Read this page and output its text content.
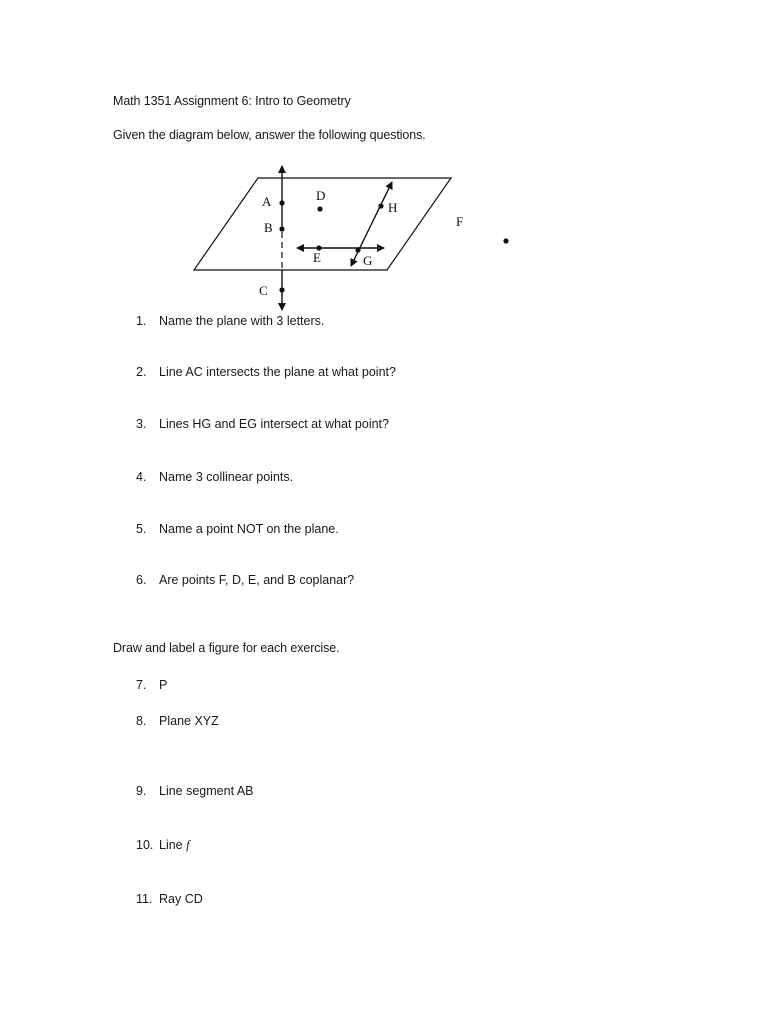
Math 1351 Assignment 6: Intro to Geometry
Given the diagram below, answer the following questions.
A
B
C
D
E
F
G
H
1.	Name the plane with 3 letters.
2.	Line AC intersects the plane at what point?
3.	Lines HG and EG intersect at what point?
4.	Name 3 collinear points.
5.	Name a point NOT on the plane.
6.	Are points F, D, E, and B coplanar?
Draw and label a figure for each exercise.
7.	P
8.	Plane XYZ
9.	Line segment AB
10. Line f
11. Ray CD
